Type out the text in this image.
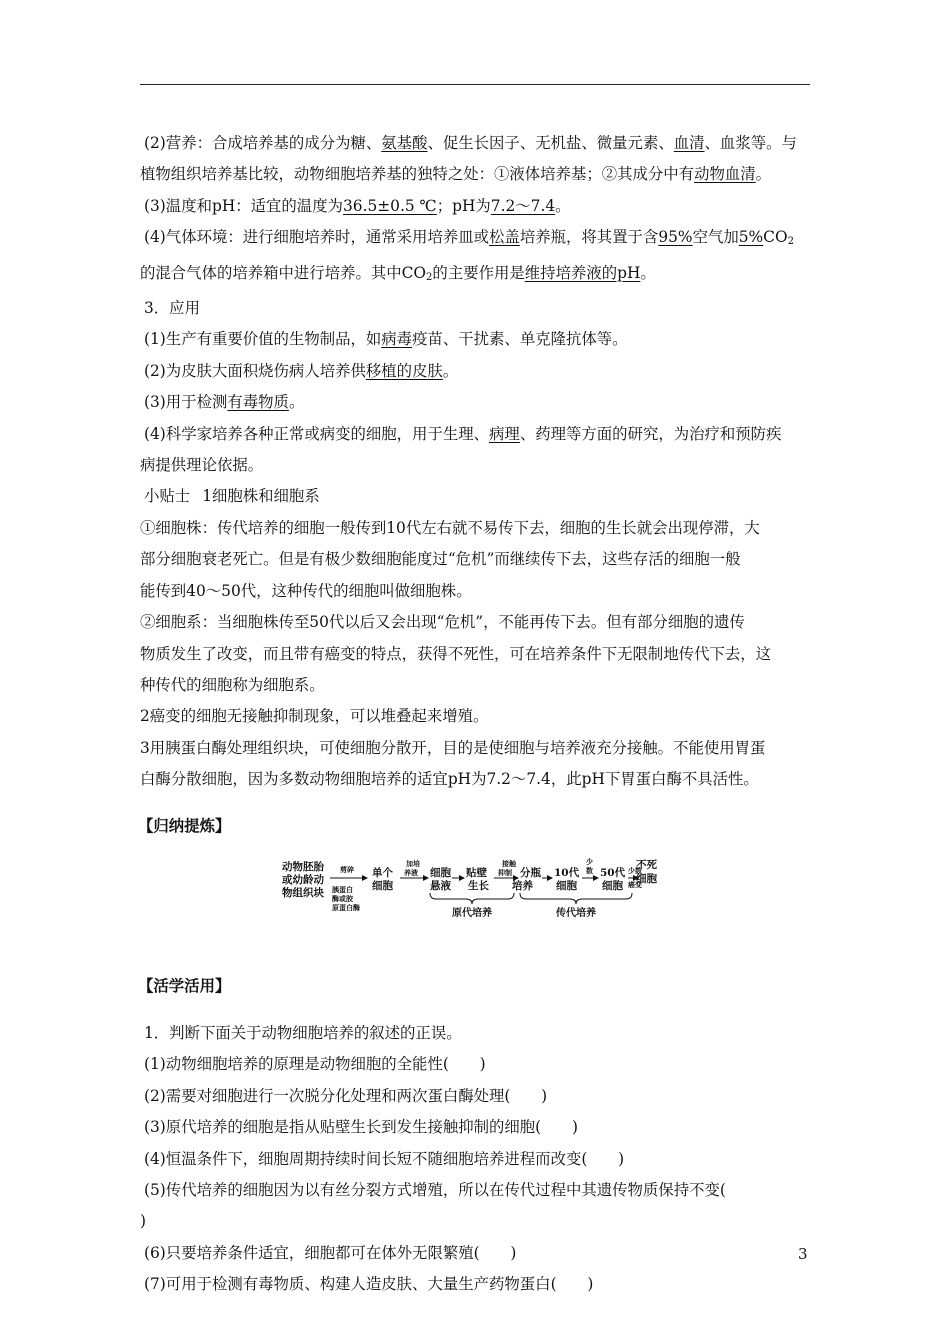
(2)营养：合成培养基的成分为糖、氨基酸、促生长因子、无机盐、微量元素、血清、血浆等。与

植物组织培养基比较，动物细胞培养基的独特之处：①液体培养基；②其成分中有动物血清。

(3)温度和pH：适宜的温度为36.5±0.5 ℃；pH为7.2～7.4。

(4)气体环境：进行细胞培养时，通常采用培养皿或松盖培养瓶，将其置于含95%空气加$5\%CO_2$

的混合气体的培养箱中进行培养。其中$CO_2$的主要作用是维持培养液的pH。

3．应用

(1)生产有重要价值的生物制品，如病毒疫苗、干扰素、单克隆抗体等。

(2)为皮肤大面积烧伤病人培养供移植的皮肤。

(3)用于检测有毒物质。

(4)科学家培养各种正常或病变的细胞，用于生理、病理、药理等方面的研究，为治疗和预防疾

病提供理论依据。

小贴士 1细胞株和细胞系

①细胞株：传代培养的细胞一般传到10代左右就不易传下去，细胞的生长就会出现停滞，大

部分细胞衰老死亡。但是有极少数细胞能度过“危机”而继续传下去，这些存活的细胞一般

能传到40～50代，这种传代的细胞叫做细胞株。

②细胞系：当细胞株传至50代以后又会出现“危机”，不能再传下去。但有部分细胞的遗传

物质发生了改变，而且带有癌变的特点，获得不死性，可在培养条件下无限制地传代下去，这

种传代的细胞称为细胞系。

2癌变的细胞无接触抑制现象，可以堆叠起来增殖。

3用胰蛋白酶处理组织块，可使细胞分散开，目的是使细胞与培养液充分接触。不能使用胃蛋

白酶分散细胞，因为多数动物细胞培养的适宜pH为7.2～7.4，此pH下胃蛋白酶不具活性。

【归纳提炼】

动物胚胎
或幼龄动
物组织块
剪碎
胰蛋白
酶或胶
原蛋白酶
单个
细胞
加培
养液 细胞
悬液
贴壁
生长
接触
抑制 分瓶
培养
10代
细胞
少
数 50代
细胞
少数
癌变
不死
细胞
原代培养	传代培养

【活学活用】

1．判断下面关于动物细胞培养的叙述的正误。

(1)动物细胞培养的原理是动物细胞的全能性(　　)

(2)需要对细胞进行一次脱分化处理和两次蛋白酶处理(　　)

(3)原代培养的细胞是指从贴壁生长到发生接触抑制的细胞(　　)

(4)恒温条件下，细胞周期持续时间长短不随细胞培养进程而改变(　　)

(5)传代培养的细胞因为以有丝分裂方式增殖，所以在传代过程中其遗传物质保持不变(

)

(6)只要培养条件适宜，细胞都可在体外无限繁殖(　　)

(7)可用于检测有毒物质、构建人造皮肤、大量生产药物蛋白(　　)

3
